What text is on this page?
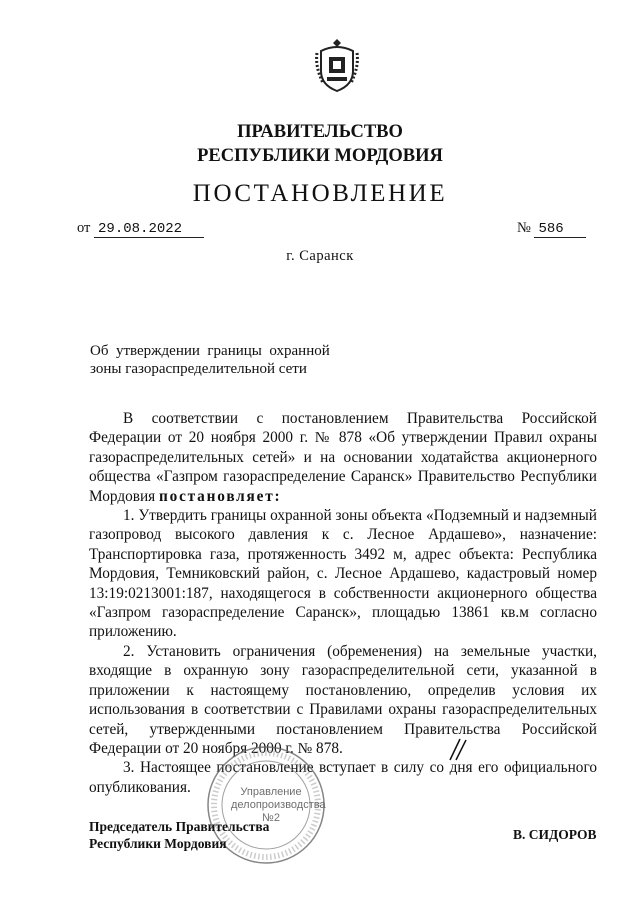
ПРАВИТЕЛЬСТВО
РЕСПУБЛИКИ МОРДОВИЯ
ПОСТАНОВЛЕНИЕ
от 29.08.2022	№ 586
г. Саранск
Об  утверждении  границы  охранной
зоны газораспределительной сети

В соответствии с постановлением Правительства Российской Федерации от 20 ноября 2000 г. № 878 «Об утверждении Правил охраны газораспределительных сетей» и на основании ходатайства акционерного общества «Газпром газораспределение Саранск» Правительство Республики Мордовия постановляет:

1. Утвердить границы охранной зоны объекта «Подземный и надземный газопровод высокого давления к с. Лесное Ардашево», назначение: Транспортировка газа, протяженность 3492 м, адрес объекта: Республика Мордовия, Темниковский район, с. Лесное Ардашево, кадастровый номер 13:19:0213001:187, находящегося в собственности акционерного общества «Газпром газораспределение Саранск», площадью 13861 кв.м согласно приложению.

2. Установить ограничения (обременения) на земельные участки, входящие в охранную зону газораспределительной сети, указанной в приложении к настоящему постановлению, определив условия их использования в соответствии с Правилами охраны газораспределительных сетей, утвержденными постановлением Правительства Российской Федерации от 20 ноября 2000 г. № 878.

3. Настоящее постановление вступает в силу со дня его официального опубликования.	Управление
делопроизводства
№2
Председатель Правительства
Республики Мордовия
В. СИДОРОВ
